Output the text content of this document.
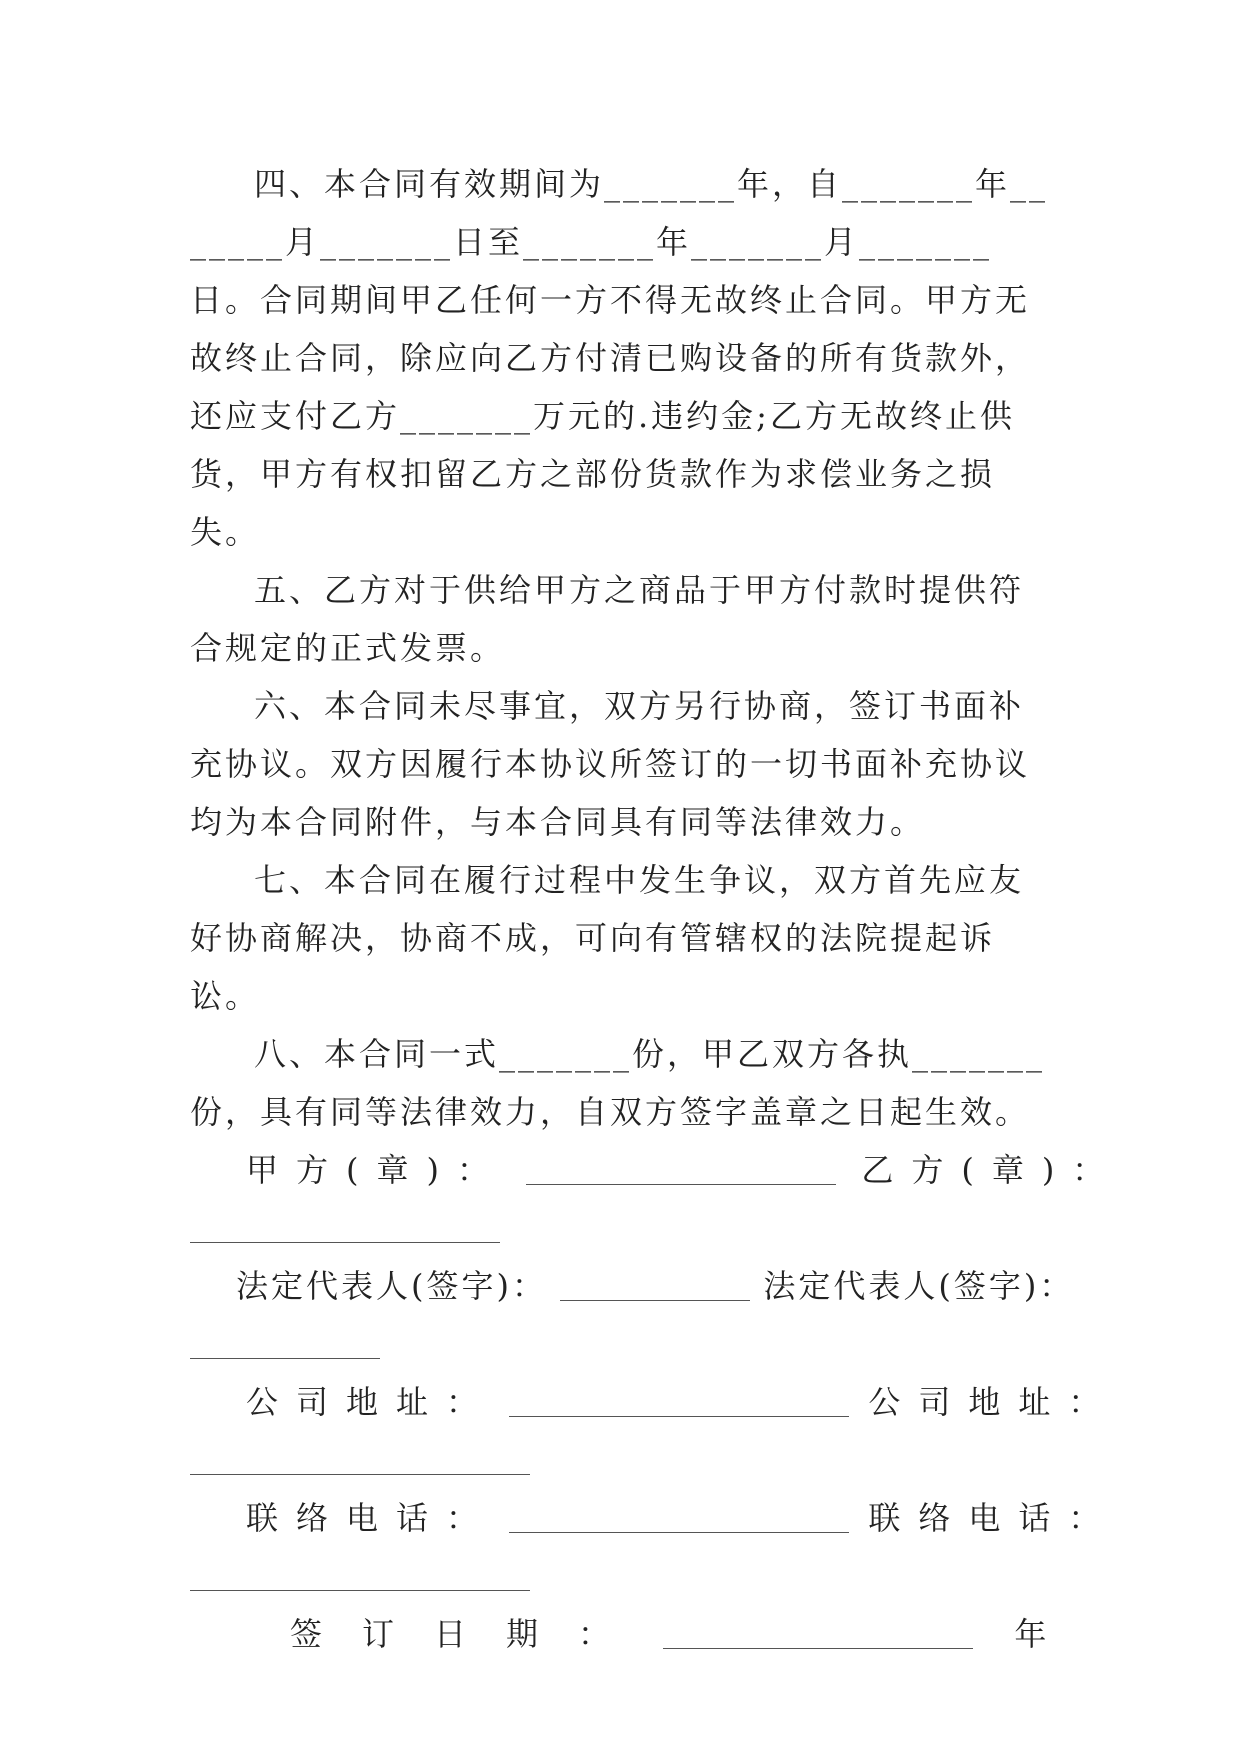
四、本合同有效期间为_______年，自_______年_______月_______日至_______年_______月_______日。合同期间甲乙任何一方不得无故终止合同。甲方无故终止合同，除应向乙方付清已购设备的所有货款外，还应支付乙方_______万元的.违约金;乙方无故终止供货，甲方有权扣留乙方之部份货款作为求偿业务之损失。

五、乙方对于供给甲方之商品于甲方付款时提供符合规定的正式发票。

六、本合同未尽事宜，双方另行协商，签订书面补充协议。双方因履行本协议所签订的一切书面补充协议均为本合同附件，与本合同具有同等法律效力。

七、本合同在履行过程中发生争议，双方首先应友好协商解决，协商不成，可向有管辖权的法院提起诉讼。

八、本合同一式_______份，甲乙双方各执_______份，具有同等法律效力，自双方签字盖章之日起生效。

甲方(章)：	乙方(章)：
法定代表人(签字)：	法定代表人(签字)：
公司地址：	公司地址：
联络电话：	联络电话：
签订日期：	年
